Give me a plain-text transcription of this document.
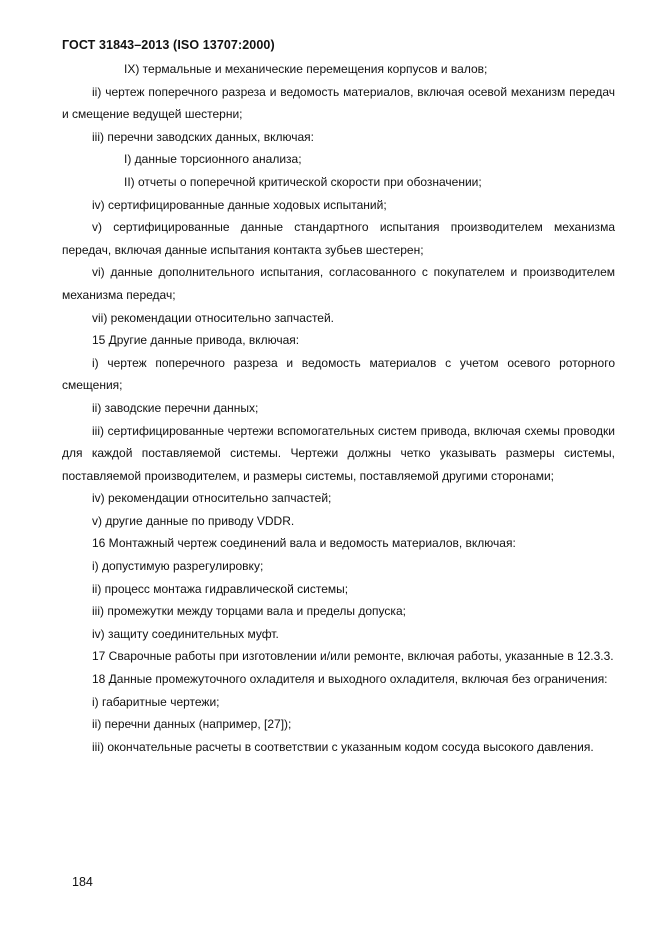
ГОСТ 31843–2013 (ISO 13707:2000)

IX) термальные и механические перемещения корпусов и валов;

ii) чертеж поперечного разреза и ведомость материалов, включая осевой механизм передач и смещение ведущей шестерни;

iii) перечни заводских данных, включая:

I) данные торсионного анализа;

II) отчеты о поперечной критической скорости при обозначении;

iv) сертифицированные данные ходовых испытаний;

v) сертифицированные данные стандартного испытания производителем механизма передач, включая данные испытания контакта зубьев шестерен;

vi) данные дополнительного испытания, согласованного с покупателем и производителем механизма передач;

vii) рекомендации относительно запчастей.

15 Другие данные привода, включая:

i) чертеж поперечного разреза и ведомость материалов с учетом осевого роторного смещения;

ii) заводские перечни данных;

iii) сертифицированные чертежи вспомогательных систем привода, включая схемы проводки для каждой поставляемой системы. Чертежи должны четко указывать размеры системы, поставляемой производителем, и размеры системы, поставляемой другими сторонами;

iv) рекомендации относительно запчастей;

v) другие данные по приводу VDDR.

16 Монтажный чертеж соединений вала и ведомость материалов, включая:

i) допустимую разрегулировку;

ii) процесс монтажа гидравлической системы;

iii) промежутки между торцами вала и пределы допуска;

iv) защиту соединительных муфт.

17 Сварочные работы при изготовлении и/или ремонте, включая работы, указанные в 12.3.3.

18 Данные промежуточного охладителя и выходного охладителя, включая без ограничения:

i) габаритные чертежи;

ii) перечни данных (например, [27]);

iii) окончательные расчеты в соответствии с указанным кодом сосуда высокого давления.

184
